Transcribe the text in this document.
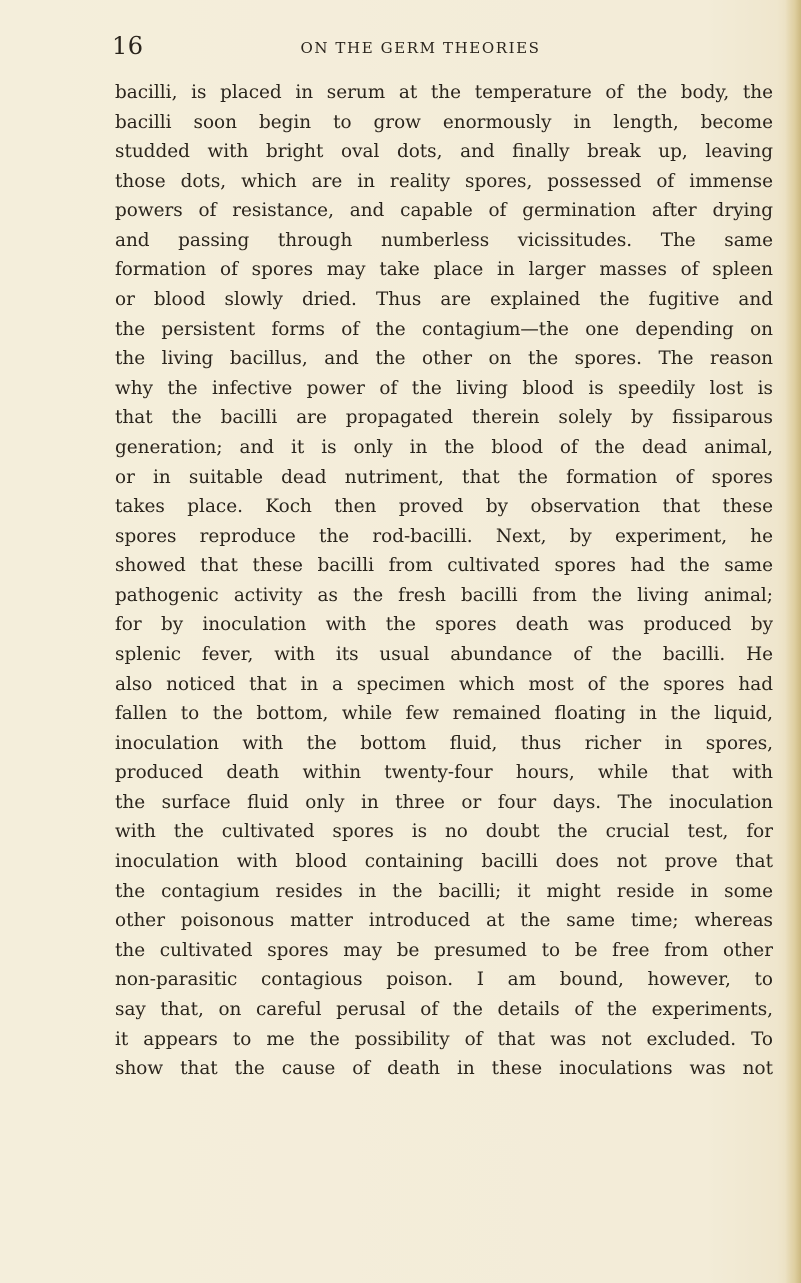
16	ON THE GERM THEORIES
bacilli, is placed in serum at the temperature of the body, the
bacilli soon begin to grow enormously in length, become
studded with bright oval dots, and finally break up, leaving
those dots, which are in reality spores, possessed of immense
powers of resistance, and capable of germination after drying
and passing through numberless vicissitudes. The same
formation of spores may take place in larger masses of spleen
or blood slowly dried. Thus are explained the fugitive and
the persistent forms of the contagium—the one depending on
the living bacillus, and the other on the spores. The reason
why the infective power of the living blood is speedily lost is
that the bacilli are propagated therein solely by fissiparous
generation; and it is only in the blood of the dead animal,
or in suitable dead nutriment, that the formation of spores
takes place. Koch then proved by observation that these
spores reproduce the rod-bacilli. Next, by experiment, he
showed that these bacilli from cultivated spores had the same
pathogenic activity as the fresh bacilli from the living animal;
for by inoculation with the spores death was produced by
splenic fever, with its usual abundance of the bacilli. He
also noticed that in a specimen which most of the spores had
fallen to the bottom, while few remained floating in the liquid,
inoculation with the bottom fluid, thus richer in spores,
produced death within twenty-four hours, while that with
the surface fluid only in three or four days. The inoculation
with the cultivated spores is no doubt the crucial test, for
inoculation with blood containing bacilli does not prove that
the contagium resides in the bacilli; it might reside in some
other poisonous matter introduced at the same time; whereas
the cultivated spores may be presumed to be free from other
non-parasitic contagious poison. I am bound, however, to
say that, on careful perusal of the details of the experiments,
it appears to me the possibility of that was not excluded. To
show that the cause of death in these inoculations was not
